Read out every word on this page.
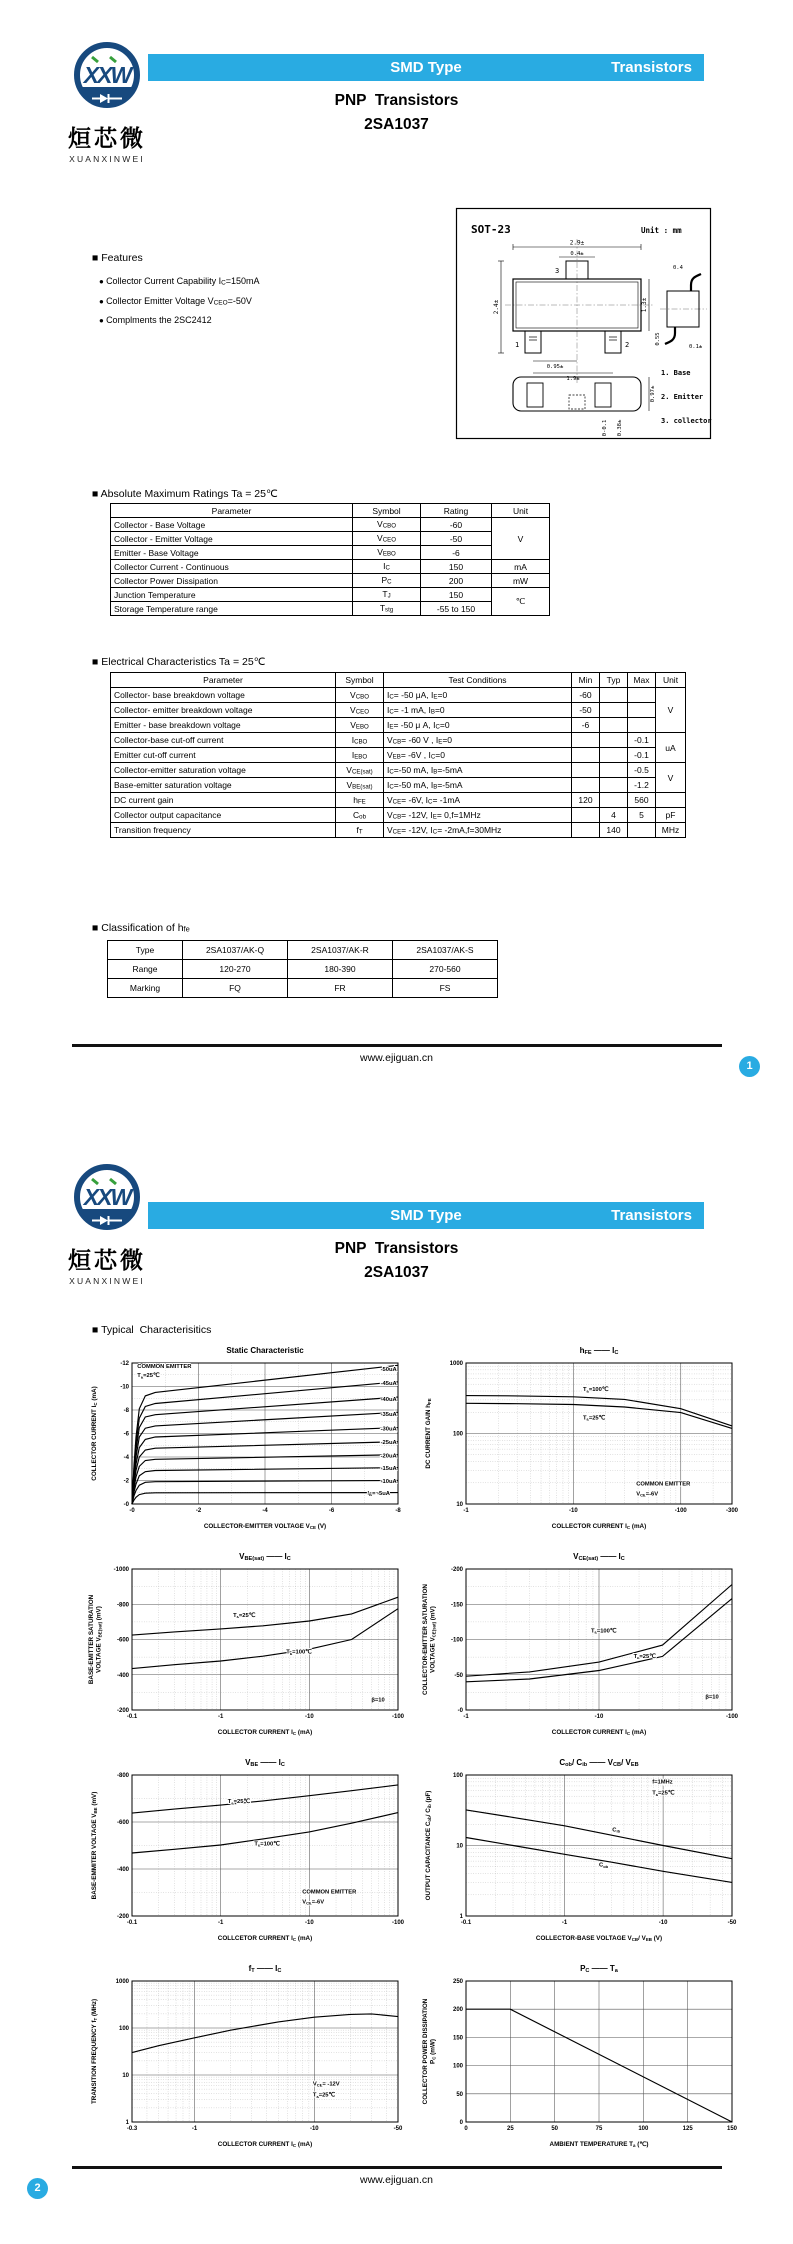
XXW
烜芯微
XUANXINWEI
SMD Type	Transistors
PNP  Transistors
2SA1037
■ Features
● Collector Current Capability IC=150mA
● Collector Emitter Voltage VCEO=-50V
● Complments the 2SC2412
SOT-23	Unit : mm
3
1	2
2.9±
0.4±
2.4±	1.3±
0.95±
1.9±
0.4
0.55
0.1±
0.97±
0-0.1 0.38±
1. Base
2. Emitter
3. collector
■ Absolute Maximum Ratings Ta = 25℃
Parameter	Symbol	Rating	Unit
Collector - Base Voltage	VCBO	-60	V
Collector - Emitter Voltage	VCEO	-50	
Emitter - Base Voltage	VEBO	-6	
Collector Current - Continuous	IC	150	mA
Collector Power Dissipation	PC	200	mW
Junction Temperature	TJ	150	℃
Storage Temperature range	Tstg	-55 to 150	
■ Electrical Characteristics Ta = 25℃
Parameter	Symbol	Test Conditions	Min	Typ	Max	Unit
Collector- base breakdown voltage	VCBO	IC= -50 μA, IE=0	-60			V
Collector- emitter breakdown voltage	VCEO	IC= -1 mA, IB=0	-50			
Emitter - base breakdown voltage	VEBO	IE= -50 μ A, IC=0	-6			
Collector-base cut-off current	ICBO	VCB= -60 V , IE=0			-0.1	uA
Emitter cut-off current	IEBO	VEB= -6V , IC=0			-0.1	
Collector-emitter saturation voltage	VCE(sat)	IC=-50 mA, IB=-5mA			-0.5	V
Base-emitter saturation voltage	VBE(sat)	IC=-50 mA, IB=-5mA			-1.2	
DC current gain	hFE	VCE= -6V, IC= -1mA	120		560	
Collector output capacitance	Cob	VCB= -12V, IE= 0,f=1MHz		4	5	pF
Transition frequency	fT	VCE= -12V, IC= -2mA,f=30MHz		140		MHz
■ Classification of hfe
Type	2SA1037/AK-Q	2SA1037/AK-R	2SA1037/AK-S
Range	120-270	180-390	270-560
Marking	FQ	FR	FS
www.ejiguan.cn
1
XXW
烜芯微
XUANXINWEI
SMD Type	Transistors
PNP  Transistors
2SA1037
■ Typical  Characterisitics
-0	-2	-4	-6	-8
-0
-2
-4
-6
-8
-10
-12 COMMON EMITTER
$T_a=25℃$
-50uA
-45uA
-40uA
-35uA
-30uA
-25uA
-20uA
-15uA
-10uA
$I_B= -5uA$
Static Characteristic
COLLECTOR-EMITTER VOLTAGE VCE (V)
COLLECTOR CURRENT IC (mA)
-1	-10	-100	-300
10
100
1000
$T_a=100℃$
$T_a=25℃$
COMMON EMITTER
$V_{CE}=-6V$
hFE —— IC
COLLECTOR CURRENT IC (mA)
DC CURRENT GAIN hFE
-0.1	-1	-10	-100
-200
-400
-600
-800
-1000
$T_a=25℃$
$T_a=100℃$
β=10
VBE(sat) —— IC
COLLECTOR CURRENT IC (mA)
BASE-EMITTER SATURATION VOLTAGE VBE(sat) (mV)
-1	-10	-100
-0
-50
-100
-150
-200
$T_a=100℃$
$T_a=25℃$
β=10
VCE(sat) —— IC
COLLECTOR CURRENT IC (mA)
COLLECTOR-EMITTER SATURATION VOLTAGE VCE(sat) (mV)
-0.1	-1	-10	-100
-200
-400
-600
-800
$T_a=25℃$
$T_a=100℃$
COMMON EMITTER
$V_{CE}=-6V$
VBE —— IC
COLLCETOR CURRENT IC (mA)
BASE-EMMITER VOLTAGE VBE (mV)
-0.1	-1	-10	-50
1
10
100
f=1MHz
$T_a=25℃$
$C_{ib}$
$C_{ob}$
Cob/ Cib —— VCB/ VEB
COLLECTOR-BASE VOLTAGE VCB/ VEB (V)
OUTPUT CAPACITANCE Cob/ Cib (pF)
-0.3	-1	-10	-50
1
10
100
1000
$V_{CE}= -12V$
$T_a=25℃$
fT —— IC
COLLECTOR CURRENT IC (mA)
TRANSITION FREQUENCY fT (MHz)
0	25	50	75	100	125	150
0
50
100
150
200
250
PC —— Ta
AMBIENT TEMPERATURE Ta (℃)
COLLECTOR POWER DISSIPATION PC (mW)
www.ejiguan.cn
2
